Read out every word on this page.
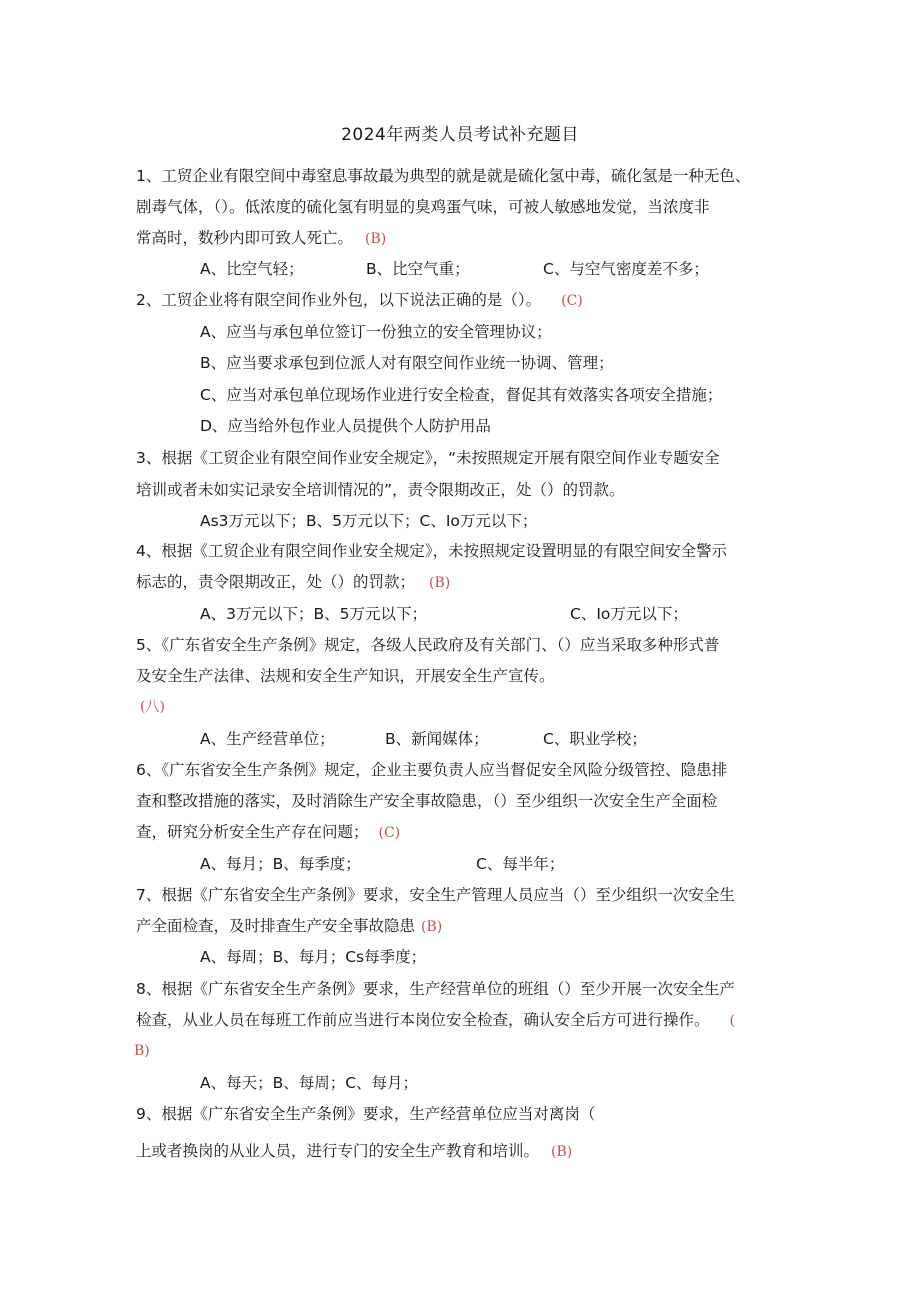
2024年两类人员考试补充题目
1、工贸企业有限空间中毒窒息事故最为典型的就是就是硫化氢中毒，硫化氢是一种无色、
剧毒气体，（）。低浓度的硫化氢有明显的臭鸡蛋气味，可被人敏感地发觉，当浓度非
常高时，数秒内即可致人死亡。 (B)
A、比空气轻；	B、比空气重；	C、与空气密度差不多；
2、工贸企业将有限空间作业外包，以下说法正确的是（）。 (C)
A、应当与承包单位签订一份独立的安全管理协议；
B、应当要求承包到位派人对有限空间作业统一协调、管理；
C、应当对承包单位现场作业进行安全检查，督促其有效落实各项安全措施；
D、应当给外包作业人员提供个人防护用品
3、根据《工贸企业有限空间作业安全规定》，“未按照规定开展有限空间作业专题安全
培训或者未如实记录安全培训情况的”，责令限期改正，处（）的罚款。
As3万元以下；B、5万元以下；C、Io万元以下；
4、根据《工贸企业有限空间作业安全规定》，未按照规定设置明显的有限空间安全警示
标志的，责令限期改正，处（）的罚款； (B)
A、3万元以下；B、5万元以下；	C、Io万元以下；
5、《广东省安全生产条例》规定，各级人民政府及有关部门、（）应当采取多种形式普
及安全生产法律、法规和安全生产知识，开展安全生产宣传。
(八)
A、生产经营单位；	B、新闻媒体；	C、职业学校；
6、《广东省安全生产条例》规定，企业主要负责人应当督促安全风险分级管控、隐患排
查和整改措施的落实，及时消除生产安全事故隐患，（）至少组织一次安全生产全面检
查，研究分析安全生产存在问题； (C)
A、每月；B、每季度；	C、每半年；
7、根据《广东省安全生产条例》要求，安全生产管理人员应当（）至少组织一次安全生
产全面检查，及时排查生产安全事故隐患 (B)
A、每周；B、每月；Cs每季度；
8、根据《广东省安全生产条例》要求，生产经营单位的班组（）至少开展一次安全生产
检查，从业人员在每班工作前应当进行本岗位安全检查，确认安全后方可进行操作。 (
B)
A、每天；B、每周；C、每月；
9、根据《广东省安全生产条例》要求，生产经营单位应当对离岗（
上或者换岗的从业人员，进行专门的安全生产教育和培训。 (B)
